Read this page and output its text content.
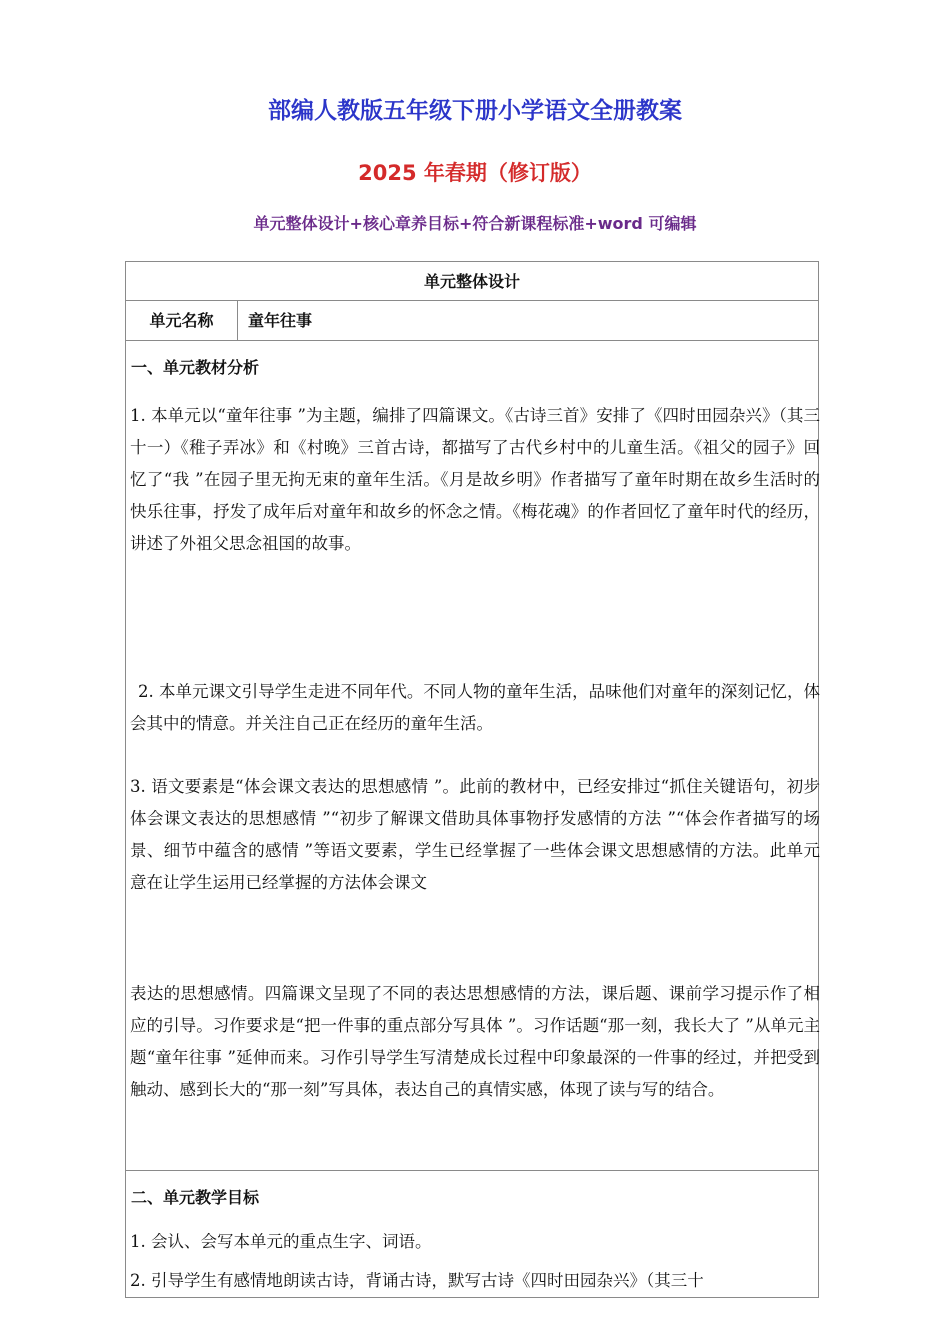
部编人教版五年级下册小学语文全册教案
2025 年春期（修订版）
单元整体设计+核心章养目标+符合新课程标准+word 可编辑
单元整体设计
单元名称	童年往事
一、单元教材分析

1. 本单元以“童年往事 ”为主题，编排了四篇课文。《古诗三首》安排了《四时田园杂兴》（其三十一）《稚子弄冰》和《村晚》三首古诗，都描写了古代乡村中的儿童生活。《祖父的园子》回忆了“我 ”在园子里无拘无束的童年生活。《月是故乡明》作者描写了童年时期在故乡生活时的快乐往事，抒发了成年后对童年和故乡的怀念之情。《梅花魂》的作者回忆了童年时代的经历，讲述了外祖父思念祖国的故事。

2. 本单元课文引导学生走进不同年代。不同人物的童年生活，品味他们对童年的深刻记忆，体会其中的情意。并关注自己正在经历的童年生活。

3. 语文要素是“体会课文表达的思想感情 ”。此前的教材中，已经安排过“抓住关键语句，初步体会课文表达的思想感情 ”“初步了解课文借助具体事物抒发感情的方法 ”“体会作者描写的场景、细节中蕴含的感情 ”等语文要素，学生已经掌握了一些体会课文思想感情的方法。此单元意在让学生运用已经掌握的方法体会课文

表达的思想感情。四篇课文呈现了不同的表达思想感情的方法，课后题、课前学习提示作了相应的引导。习作要求是“把一件事的重点部分写具体 ”。习作话题“那一刻，我长大了 ”从单元主题“童年往事 ”延伸而来。习作引导学生写清楚成长过程中印象最深的一件事的经过，并把受到触动、感到长大的“那一刻”写具体，表达自己的真情实感，体现了读与写的结合。

二、单元教学目标

1. 会认、会写本单元的重点生字、词语。

2. 引导学生有感情地朗读古诗，背诵古诗，默写古诗《四时田园杂兴》（其三十
